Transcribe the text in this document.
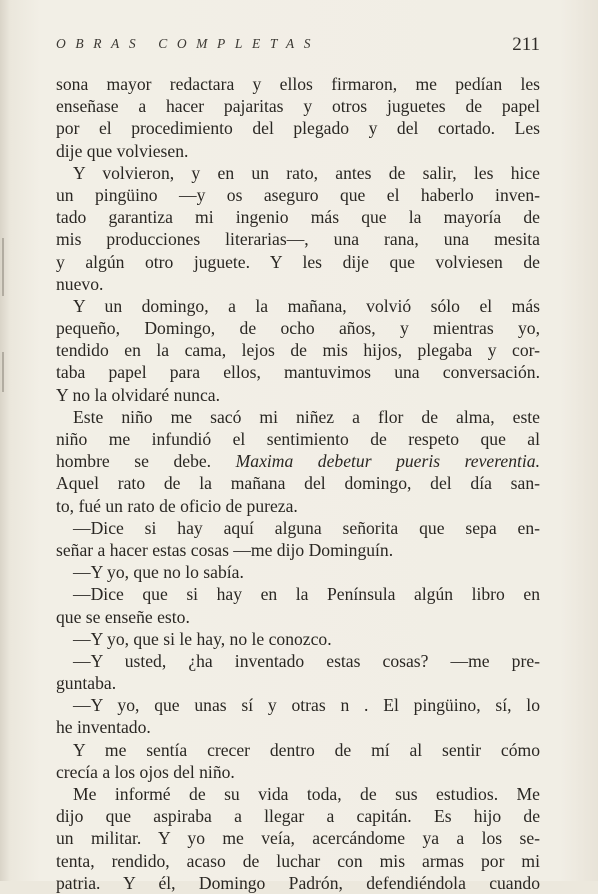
OBRAS COMPLETAS	211
sona mayor redactara y ellos firmaron, me pedían les
enseñase a hacer pajaritas y otros juguetes de papel
por el procedimiento del plegado y del cortado. Les
dije que volviesen.
Y volvieron, y en un rato, antes de salir, les hice
un pingüino —y os aseguro que el haberlo inven-
tado garantiza mi ingenio más que la mayoría de
mis producciones literarias—, una rana, una mesita
y algún otro juguete. Y les dije que volviesen de
nuevo.
Y un domingo, a la mañana, volvió sólo el más
pequeño, Domingo, de ocho años, y mientras yo,
tendido en la cama, lejos de mis hijos, plegaba y cor-
taba papel para ellos, mantuvimos una conversación.
Y no la olvidaré nunca.
Este niño me sacó mi niñez a flor de alma, este
niño me infundió el sentimiento de respeto que al
hombre se debe. Maxima debetur pueris reverentia.
Aquel rato de la mañana del domingo, del día san-
to, fué un rato de oficio de pureza.
—Dice si hay aquí alguna señorita que sepa en-
señar a hacer estas cosas —me dijo Dominguín.
—Y yo, que no lo sabía.
—Dice que si hay en la Península algún libro en
que se enseñe esto.
—Y yo, que si le hay, no le conozco.
—Y usted, ¿ha inventado estas cosas? —me pre-
guntaba.
—Y yo, que unas sí y otras n . El pingüino, sí, lo
he inventado.
Y me sentía crecer dentro de mí al sentir cómo
crecía a los ojos del niño.
Me informé de su vida toda, de sus estudios. Me
dijo que aspiraba a llegar a capitán. Es hijo de
un militar. Y yo me veía, acercándome ya a los se-
tenta, rendido, acaso de luchar con mis armas por mi
patria. Y él, Domingo Padrón, defendiéndola cuando
